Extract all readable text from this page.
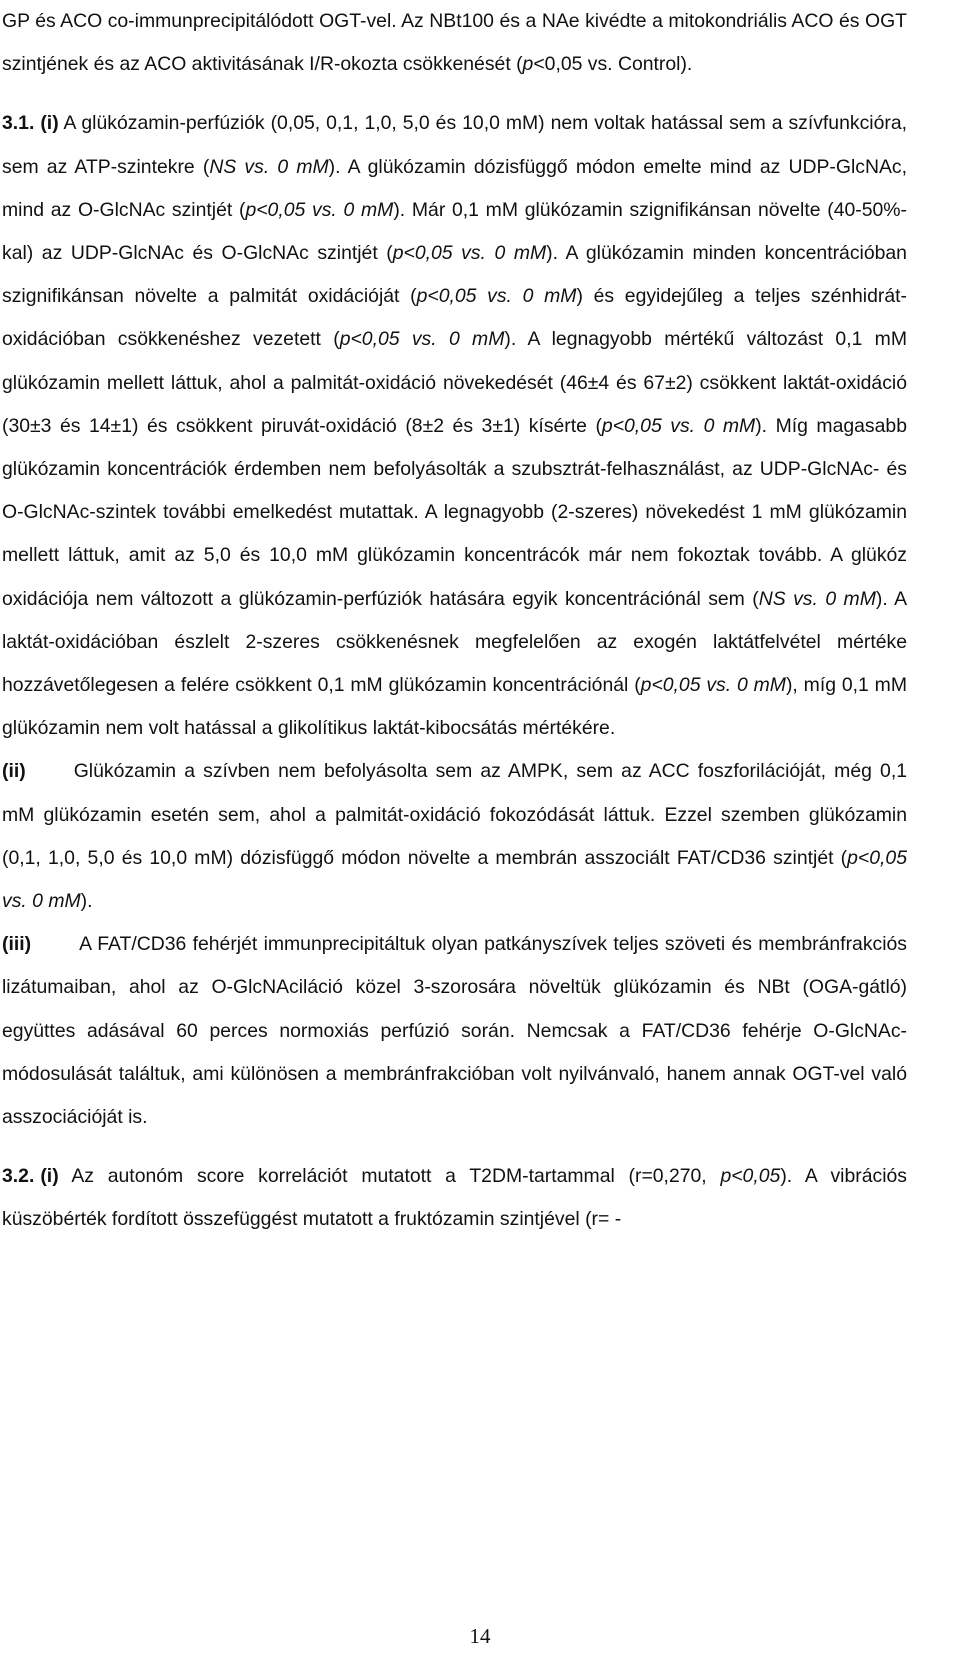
GP és ACO co-immunprecipitálódott OGT-vel. Az NBt100 és a NAe kivédte a mitokondriális ACO és OGT szintjének és az ACO aktivitásának I/R-okozta csökkenését (p<0,05 vs. Control).

3.1. (i) A glükózamin-perfúziók (0,05, 0,1, 1,0, 5,0 és 10,0 mM) nem voltak hatással sem a szívfunkcióra, sem az ATP-szintekre (NS vs. 0 mM). A glükózamin dózisfüggő módon emelte mind az UDP-GlcNAc, mind az O-GlcNAc szintjét (p<0,05 vs. 0 mM). Már 0,1 mM glükózamin szignifikánsan növelte (40-50%-kal) az UDP-GlcNAc és O-GlcNAc szintjét (p<0,05 vs. 0 mM). A glükózamin minden koncentrációban szignifikánsan növelte a palmitát oxidációját (p<0,05 vs. 0 mM) és egyidejűleg a teljes szénhidrát-oxidációban csökkenéshez vezetett (p<0,05 vs. 0 mM). A legnagyobb mértékű változást 0,1 mM glükózamin mellett láttuk, ahol a palmitát-oxidáció növekedését (46±4 és 67±2) csökkent laktát-oxidáció (30±3 és 14±1) és csökkent piruvát-oxidáció (8±2 és 3±1) kísérte (p<0,05 vs. 0 mM). Míg magasabb glükózamin koncentrációk érdemben nem befolyásolták a szubsztrát-felhasználást, az UDP-GlcNAc- és O-GlcNAc-szintek további emelkedést mutattak. A legnagyobb (2-szeres) növekedést 1 mM glükózamin mellett láttuk, amit az 5,0 és 10,0 mM glükózamin koncentrácók már nem fokoztak tovább. A glükóz oxidációja nem változott a glükózamin-perfúziók hatására egyik koncentrációnál sem (NS vs. 0 mM). A laktát-oxidációban észlelt 2-szeres csökkenésnek megfelelően az exogén laktátfelvétel mértéke hozzávetőlegesen a felére csökkent 0,1 mM glükózamin koncentrációnál (p<0,05 vs. 0 mM), míg 0,1 mM glükózamin nem volt hatással a glikolítikus laktát-kibocsátás mértékére.

(ii) Glükózamin a szívben nem befolyásolta sem az AMPK, sem az ACC foszforilációját, még 0,1 mM glükózamin esetén sem, ahol a palmitát-oxidáció fokozódását láttuk. Ezzel szemben glükózamin (0,1, 1,0, 5,0 és 10,0 mM) dózisfüggő módon növelte a membrán asszociált FAT/CD36 szintjét (p<0,05 vs. 0 mM).

(iii) A FAT/CD36 fehérjét immunprecipitáltuk olyan patkányszívek teljes szöveti és membránfrakciós lizátumaiban, ahol az O-GlcNAciláció közel 3-szorosára növeltük glükózamin és NBt (OGA-gátló) együttes adásával 60 perces normoxiás perfúzió során. Nemcsak a FAT/CD36 fehérje O-GlcNAc-módosulását találtuk, ami különösen a membránfrakcióban volt nyilvánvaló, hanem annak OGT-vel való asszociációját is.

3.2. (i) Az autonóm score korrelációt mutatott a T2DM-tartammal (r=0,270, p<0,05). A vibrációs küszöbérték fordított összefüggést mutatott a fruktózamin szintjével (r= -

14
